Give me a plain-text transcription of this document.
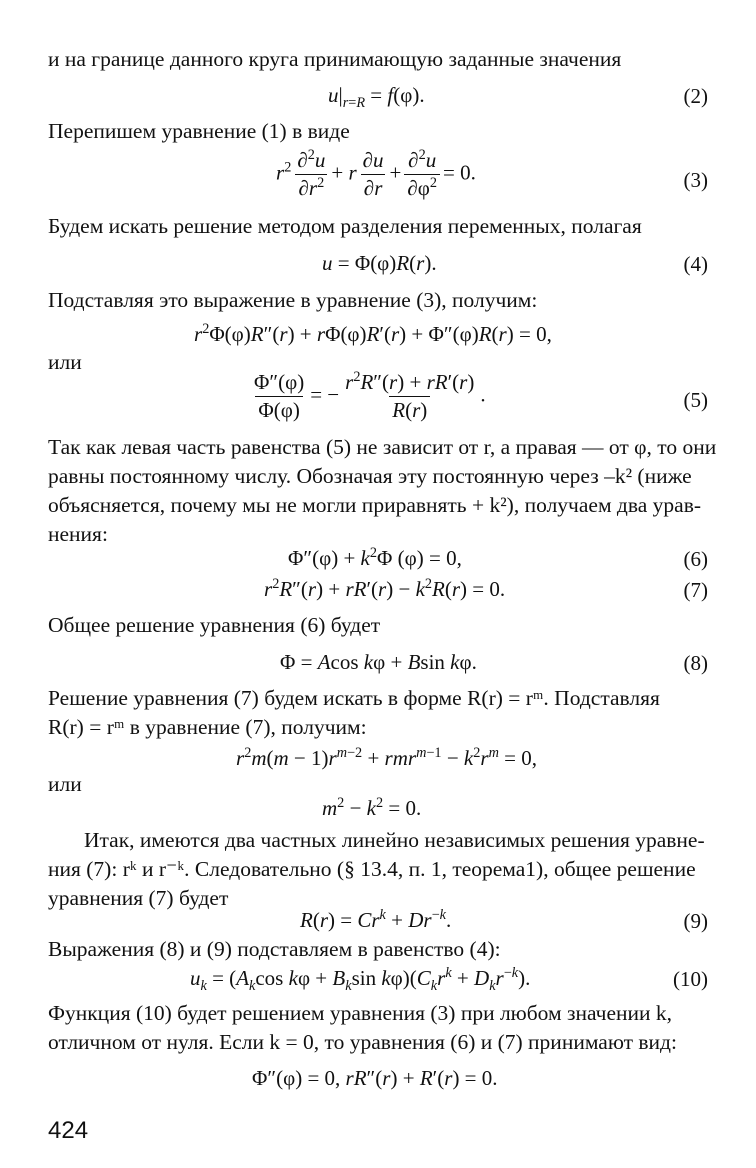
и на границе данного круга принимающую заданные значения
$u|_{r=R} = f(\varphi)$.	(2)
Перепишем уравнение (1) в виде
$r^2 \frac{\partial^2u}{\partial r^2} + r \frac{\partial u}{\partial r} + \frac{\partial^2u}{\partial\varphi^2} = 0$.	(3)
Будем искать решение методом разделения переменных, полагая
u = Φ(φ)R(r).	(4)
Подставляя это выражение в уравнение (3), получим:
$r^2\Phi(\varphi)R''(r) + r\Phi(\varphi)R'(r) + \Phi''(\varphi)R(r) = 0$,
или
$\frac{\Phi''(\varphi)}{\Phi(\varphi)}$ = − $\frac{r^2R''(r) + rR'(r)}{R(r)}$ .	(5)
Так как левая часть равенства (5) не зависит от r, а правая — от φ, то они
равны постоянному числу. Обозначая эту постоянную через –k² (ниже
объясняется, почему мы не могли приравнять + k²), получаем два урав-
нения:
$\Phi''(\varphi) + k^2\Phi$ (φ) = 0,	(6)
$r^2R''(r) + rR'(r) - k^2R(r) = 0$.	(7)
Общее решение уравнения (6) будет
Φ = Acos kφ + Bsin kφ.	(8)
Решение уравнения (7) будем искать в форме R(r) = rᵐ. Подставляя
R(r) = rᵐ в уравнение (7), получим:
$r^2m(m - 1)r^{m-2} + rmr^{m-1} - k^2r^m = 0$,
или
$m^2 - k^2 = 0$.
Итак, имеются два частных линейно независимых решения уравне-
ния (7): rᵏ и r⁻ᵏ. Следовательно (§ 13.4, п. 1, теорема1), общее решение
уравнения (7) будет
$R(r) = Cr^k + Dr^{-k}$.	(9)
Выражения (8) и (9) подставляем в равенство (4):
$u_k = (A_k\cos$ $k\varphi + B_k\sin$ $k\varphi)(C_kr^k + D_kr^{-k})$.	(10)
Функция (10) будет решением уравнения (3) при любом значении k,
отличном от нуля. Если k = 0, то уравнения (6) и (7) принимают вид:
Φ″(φ) = 0, rR″(r) + R′(r) = 0.
424
